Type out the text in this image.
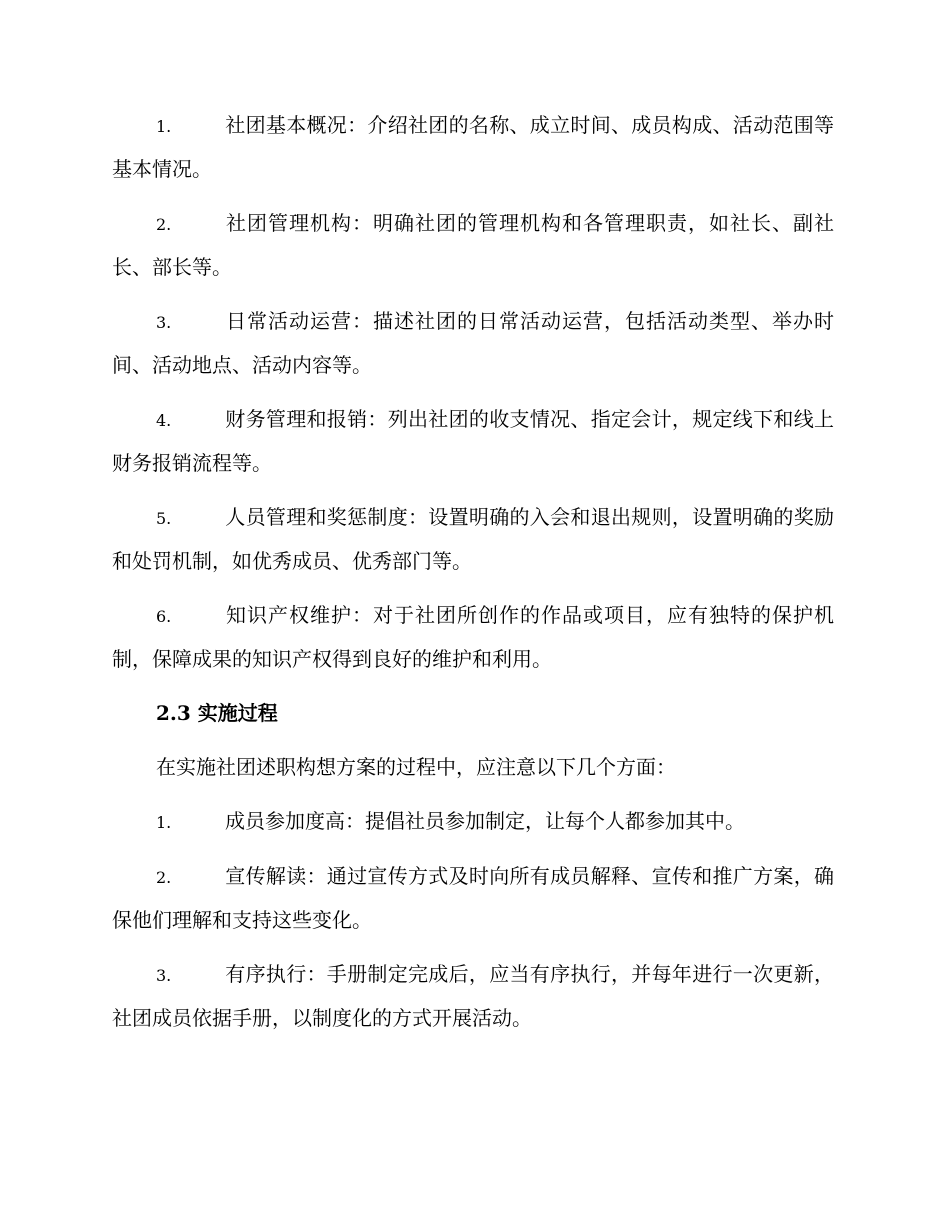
1.	社团基本概况：介绍社团的名称、成立时间、成员构成、活动范围等基本情况。
2.	社团管理机构：明确社团的管理机构和各管理职责，如社长、副社长、部长等。
3.	日常活动运营：描述社团的日常活动运营，包括活动类型、举办时间、活动地点、活动内容等。
4.	财务管理和报销：列出社团的收支情况、指定会计，规定线下和线上财务报销流程等。
5.	人员管理和奖惩制度：设置明确的入会和退出规则，设置明确的奖励和处罚机制，如优秀成员、优秀部门等。
6.	知识产权维护：对于社团所创作的作品或项目，应有独特的保护机制，保障成果的知识产权得到良好的维护和利用。
2.3 实施过程
在实施社团述职构想方案的过程中，应注意以下几个方面：
1.	成员参加度高：提倡社员参加制定，让每个人都参加其中。
2.	宣传解读：通过宣传方式及时向所有成员解释、宣传和推广方案，确保他们理解和支持这些变化。
3.	有序执行：手册制定完成后，应当有序执行，并每年进行一次更新，社团成员依据手册，以制度化的方式开展活动。
